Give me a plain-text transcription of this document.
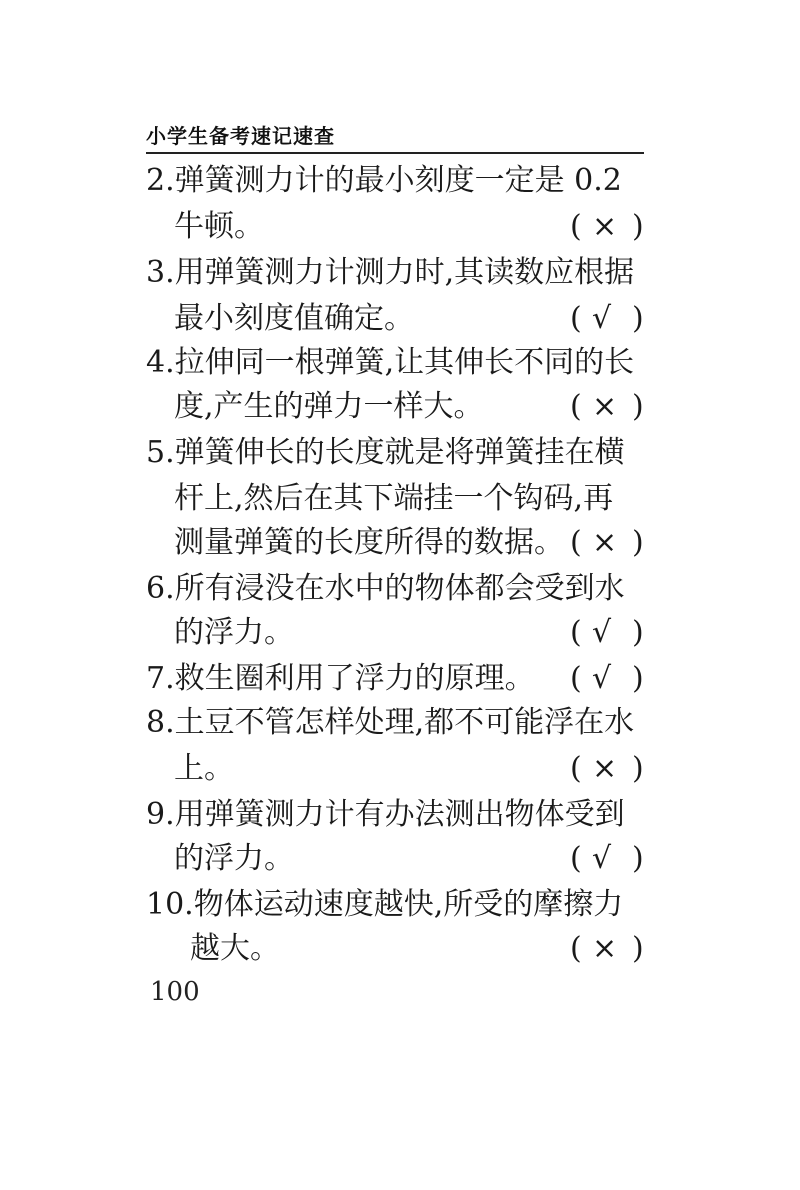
小学生备考速记速查
2.弹簧测力计的最小刻度一定是 0.2
牛顿。	( × )
3.用弹簧测力计测力时,其读数应根据
最小刻度值确定。	( √ )
4.拉伸同一根弹簧,让其伸长不同的长
度,产生的弹力一样大。	( × )
5.弹簧伸长的长度就是将弹簧挂在横
杆上,然后在其下端挂一个钩码,再
测量弹簧的长度所得的数据。 ( × )
6.所有浸没在水中的物体都会受到水
的浮力。	( √ )
7.救生圈利用了浮力的原理。 ( √ )
8.土豆不管怎样处理,都不可能浮在水
上。	( × )
9.用弹簧测力计有办法测出物体受到
的浮力。	( √ )
10.物体运动速度越快,所受的摩擦力
越大。	( × )
100
